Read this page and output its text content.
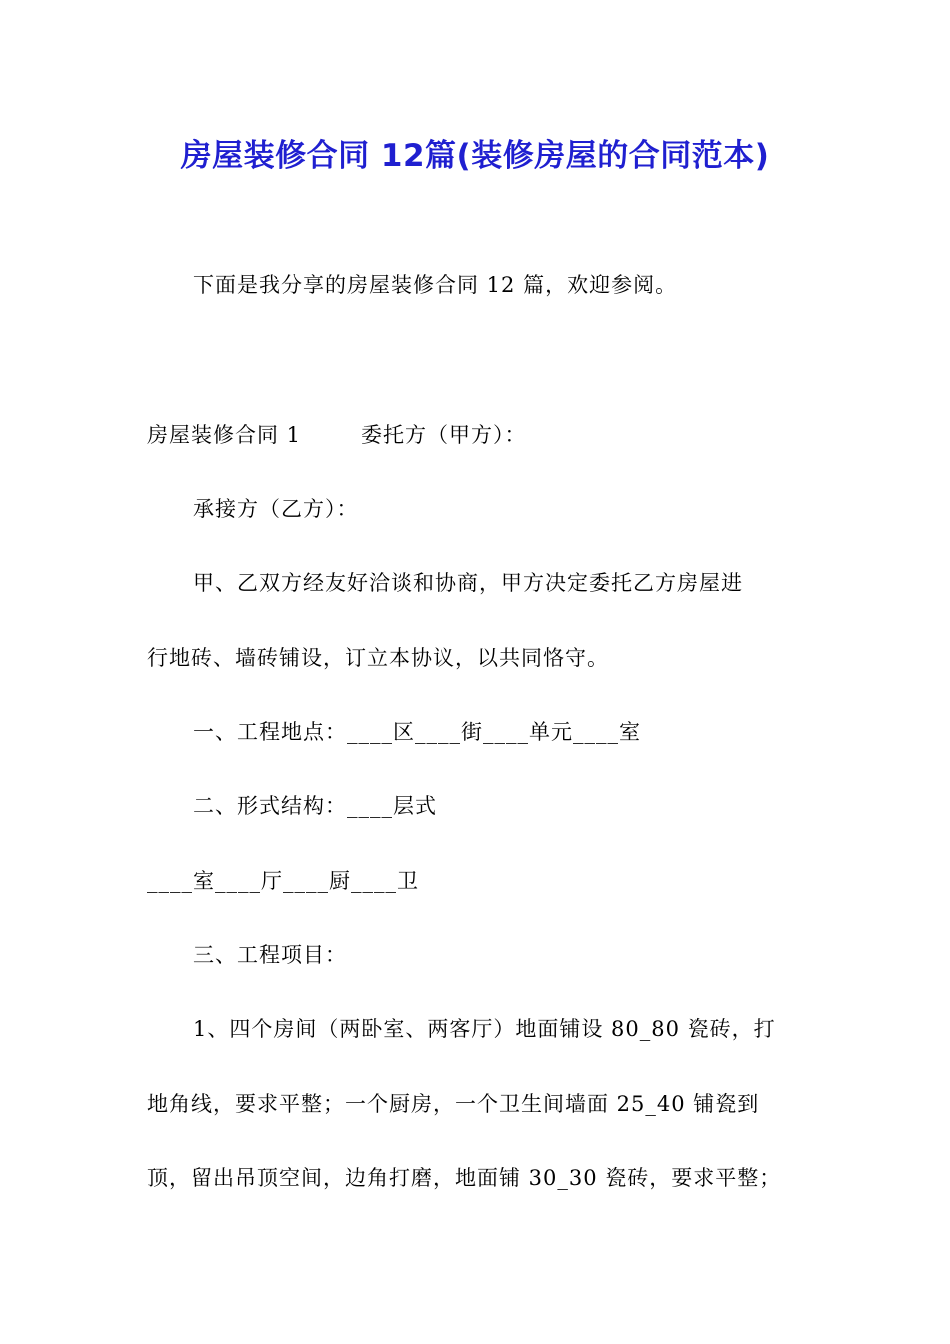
房屋装修合同 12篇(装修房屋的合同范本)
下面是我分享的房屋装修合同 12 篇，欢迎参阅。
房屋装修合同 1	委托方（甲方）：
承接方（乙方）：
甲、乙双方经友好洽谈和协商，甲方决定委托乙方房屋进
行地砖、墙砖铺设，订立本协议，以共同恪守。
一、工程地点：____区____街____单元____室
二、形式结构：____层式
____室____厅____厨____卫
三、工程项目：
1、四个房间（两卧室、两客厅）地面铺设 80_80 瓷砖，打
地角线，要求平整；一个厨房，一个卫生间墙面 25_40 铺瓷到
顶，留出吊顶空间，边角打磨，地面铺 30_30 瓷砖，要求平整；
